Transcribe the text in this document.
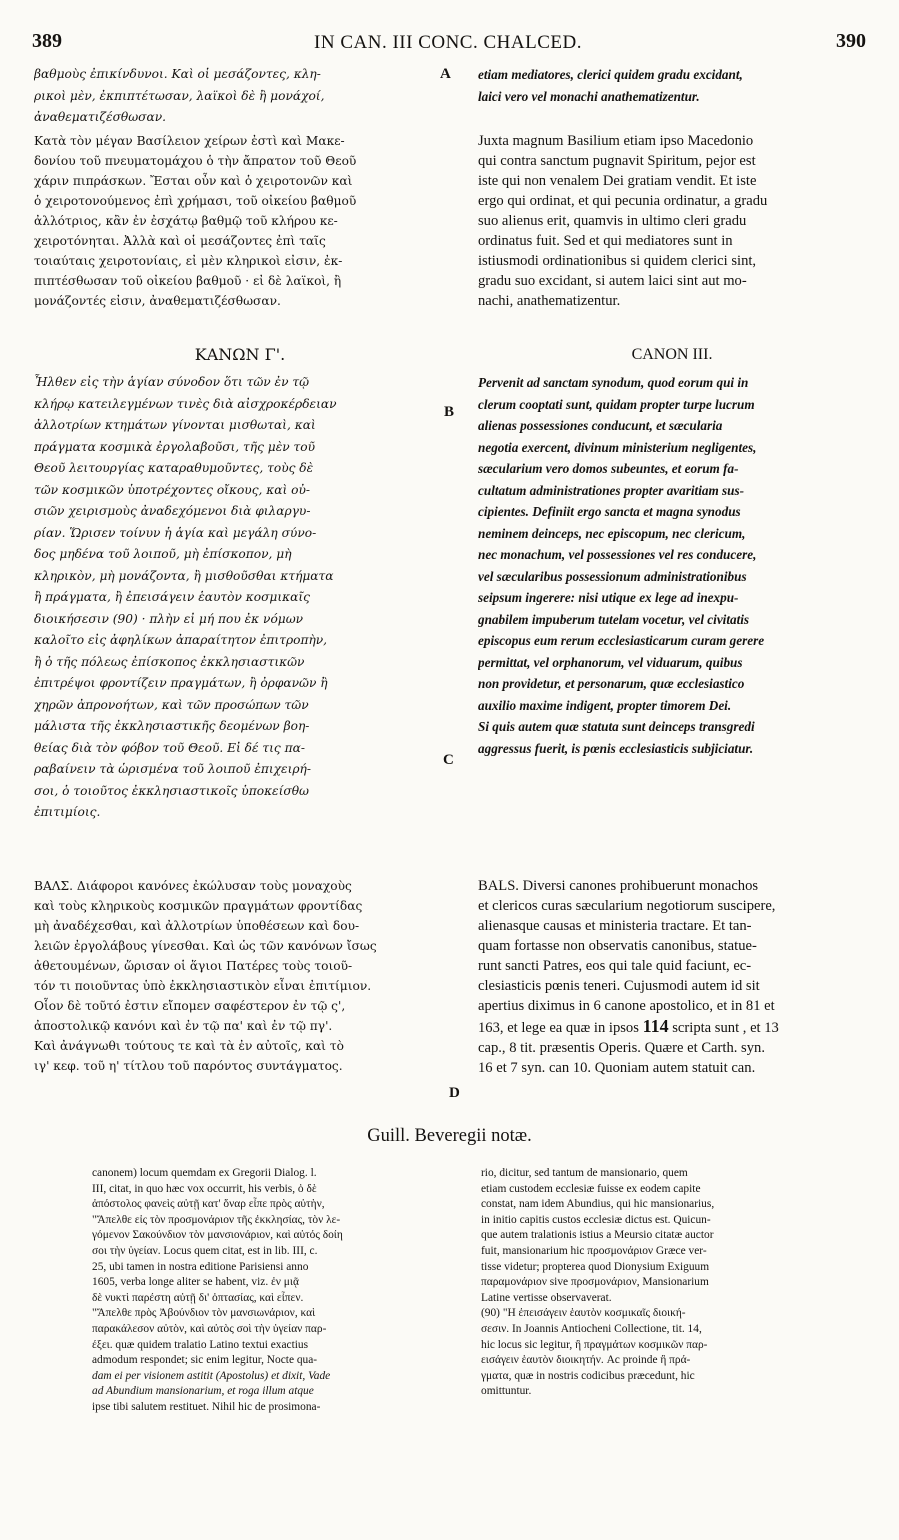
389	IN CAN. III CONC. CHALCED.	390
A
B
C
D
βαθμοὺς ἐπικίνδυνοι. Καὶ οἱ μεσάζοντες, κλη-
ρικοὶ μὲν, ἐκπιπτέτωσαν, λαϊκοὶ δὲ ἢ μονάχοί,
ἀναθεματιζέσθωσαν.
Κατὰ τὸν μέγαν Βασίλειον χείρων ἐστὶ καὶ Μακε-
δονίου τοῦ πνευματομάχου ὁ τὴν ἄπρατον τοῦ Θεοῦ
χάριν πιπράσκων. Ἔσται οὖν καὶ ὁ χειροτονῶν καὶ
ὁ χειροτονούμενος ἐπὶ χρήμασι, τοῦ οἰκείου βαθμοῦ
ἀλλότριος, κἂν ἐν ἐσχάτῳ βαθμῷ τοῦ κλήρου κε-
χειροτόνηται. Ἀλλὰ καὶ οἱ μεσάζοντες ἐπὶ ταῖς
τοιαύταις χειροτονίαις, εἰ μὲν κληρικοὶ εἰσιν, ἐκ-
πιπτέσθωσαν τοῦ οἰκείου βαθμοῦ · εἰ δὲ λαϊκοὶ, ἢ
μονάζοντές εἰσιν, ἀναθεματιζέσθωσαν.
ΚΑΝΩΝ Γ'.
Ἦλθεν εἰς τὴν ἁγίαν σύνοδον ὅτι τῶν ἐν τῷ
κλήρῳ κατειλεγμένων τινὲς διὰ αἰσχροκέρδειαν
ἀλλοτρίων κτημάτων γίνονται μισθωταὶ, καὶ
πράγματα κοσμικὰ ἐργολαβοῦσι, τῆς μὲν τοῦ
Θεοῦ λειτουργίας καταραθυμοῦντες, τοὺς δὲ
τῶν κοσμικῶν ὑποτρέχοντες οἴκους, καὶ οὐ-
σιῶν χειρισμοὺς ἀναδεχόμενοι διὰ φιλαργυ-
ρίαν. Ὥρισεν τοίνυν ἡ ἁγία καὶ μεγάλη σύνο-
δος μηδένα τοῦ λοιποῦ, μὴ ἐπίσκοπον, μὴ
κληρικὸν, μὴ μονάζοντα, ἢ μισθοῦσθαι κτήματα
ἢ πράγματα, ἢ ἐπεισάγειν ἑαυτὸν κοσμικαῖς
διοικήσεσιν (90) · πλὴν εἰ μή που ἐκ νόμων
καλοῖτο εἰς ἀφηλίκων ἀπαραίτητον ἐπιτροπὴν,
ἢ ὁ τῆς πόλεως ἐπίσκοπος ἐκκλησιαστικῶν
ἐπιτρέψοι φροντίζειν πραγμάτων, ἢ ὀρφανῶν ἢ
χηρῶν ἀπρονοήτων, καὶ τῶν προσώπων τῶν
μάλιστα τῆς ἐκκλησιαστικῆς δεομένων βοη-
θείας διὰ τὸν φόβον τοῦ Θεοῦ. Εἰ δέ τις πα-
ραβαίνειν τὰ ὡρισμένα τοῦ λοιποῦ ἐπιχειρή-
σοι, ὁ τοιοῦτος ἐκκλησιαστικοῖς ὑποκείσθω
ἐπιτιμίοις.
ΒΑΛΣ. Διάφοροι κανόνες ἐκώλυσαν τοὺς μοναχοὺς
καὶ τοὺς κληρικοὺς κοσμικῶν πραγμάτων φροντίδας
μὴ ἀναδέχεσθαι, καὶ ἀλλοτρίων ὑποθέσεων καὶ δου-
λειῶν ἐργολάβους γίνεσθαι. Καὶ ὡς τῶν κανόνων ἴσως
ἀθετουμένων, ὥρισαν οἱ ἅγιοι Πατέρες τοὺς τοιοῦ-
τόν τι ποιοῦντας ὑπὸ ἐκκλησιαστικὸν εἶναι ἐπιτίμιον.
Οἷον δὲ τοῦτό ἐστιν εἴπομεν σαφέστερον ἐν τῷ ς',
ἀποστολικῷ κανόνι καὶ ἐν τῷ πα' καὶ ἐν τῷ πγ'.
Καὶ ἀνάγνωθι τούτους τε καὶ τὰ ἐν αὐτοῖς, καὶ τὸ
ιγ' κεφ. τοῦ η' τίτλου τοῦ παρόντος συντάγματος.
etiam mediatores, clerici quidem gradu excidant,
laici vero vel monachi anathematizentur.
Juxta magnum Basilium etiam ipso Macedonio
qui contra sanctum pugnavit Spiritum, pejor est
iste qui non venalem Dei gratiam vendit. Et iste
ergo qui ordinat, et qui pecunia ordinatur, a gradu
suo alienus erit, quamvis in ultimo cleri gradu
ordinatus fuit. Sed et qui mediatores sunt in
istiusmodi ordinationibus si quidem clerici sint,
gradu suo excidant, si autem laici sint aut mo-
nachi, anathematizentur.
CANON III.
Pervenit ad sanctam synodum, quod eorum qui in
clerum cooptati sunt, quidam propter turpe lucrum
alienas possessiones conducunt, et sæcularia
negotia exercent, divinum ministerium negligentes,
sæcularium vero domos subeuntes, et eorum fa-
cultatum administrationes propter avaritiam sus-
cipientes. Definiit ergo sancta et magna synodus
neminem deinceps, nec episcopum, nec clericum,
nec monachum, vel possessiones vel res conducere,
vel sæcularibus possessionum administrationibus
seipsum ingerere: nisi utique ex lege ad inexpu-
gnabilem impuberum tutelam vocetur, vel civitatis
episcopus eum rerum ecclesiasticarum curam gerere
permittat, vel orphanorum, vel viduarum, quibus
non providetur, et personarum, quæ ecclesiastico
auxilio maxime indigent, propter timorem Dei.
Si quis autem quæ statuta sunt deinceps transgredi
aggressus fuerit, is pœnis ecclesiasticis subjiciatur.
BALS. Diversi canones prohibuerunt monachos
et clericos curas sæcularium negotiorum suscipere,
alienasque causas et ministeria tractare. Et tan-
quam fortasse non observatis canonibus, statue-
runt sancti Patres, eos qui tale quid faciunt, ec-
clesiasticis pœnis teneri. Cujusmodi autem id sit
apertius diximus in 6 canone apostolico, et in 81 et
163, et lege ea quæ in ipsos 114 scripta sunt , et 13
cap., 8 tit. præsentis Operis. Quære et Carth. syn.
16 et 7 syn. can 10. Quoniam autem statuit can.
Guill. Beveregii notæ.
canonem) locum quemdam ex Gregorii Dialog. l.
III, citat, in quo hæc vox occurrit, his verbis, ὁ δὲ
ἀπόστολος φανεὶς αὐτῇ κατ' ὄναρ εἶπε πρὸς αὐτὴν,
"Ἄπελθε εἰς τὸν προσμονάριον τῆς ἐκκλησίας, τὸν λε-
γόμενον Σακούνδιον τὸν μανσιονάριον, καὶ αὐτός δοίη
σοι τὴν ὑγείαν. Locus quem citat, est in lib. III, c.
25, ubi tamen in nostra editione Parisiensi anno
1605, verba longe aliter se habent, viz. ἐν μιᾷ
δὲ νυκτὶ παρέστη αὐτῇ δι' ὀπτασίας, καὶ εἶπεν.
"Ἄπελθε πρὸς Ἀβούνδιον τὸν μανσιωνάριον, καὶ
παρακάλεσον αὐτὸν, καὶ αὐτὸς σοὶ τὴν ὑγείαν παρ-
έξει. quæ quidem tralatio Latino textui exactius
admodum respondet; sic enim legitur, Nocte qua-
dam ei per visionem astitit (Apostolus) et dixit, Vade
ad Abundium mansionarium, et roga illum atque
ipse tibi salutem restituet. Nihil hic de prosimona-
rio, dicitur, sed tantum de mansionario, quem
etiam custodem ecclesiæ fuisse ex eodem capite
constat, nam idem Abundius, qui hic mansionarius,
in initio capitis custos ecclesiæ dictus est. Quicun-
que autem tralationis istius a Meursio citatæ auctor
fuit, mansionarium hic προσμονάριον Græce ver-
tisse videtur; propterea quod Dionysium Exiguum
παραμονάριον sive προσμονάριον, Mansionarium
Latine vertisse observaverat.
(90) "Η ἐπεισάγειν ἑαυτὸν κοσμικαῖς διοική-
σεσιν. In Joannis Antiocheni Collectione, tit. 14,
hic locus sic legitur, ἢ πραγμάτων κοσμικῶν παρ-
εισάγειν ἑαυτὸν διοικητήν. Ac proinde ἢ πρά-
γματα, quæ in nostris codicibus præcedunt, hic
omittuntur.
